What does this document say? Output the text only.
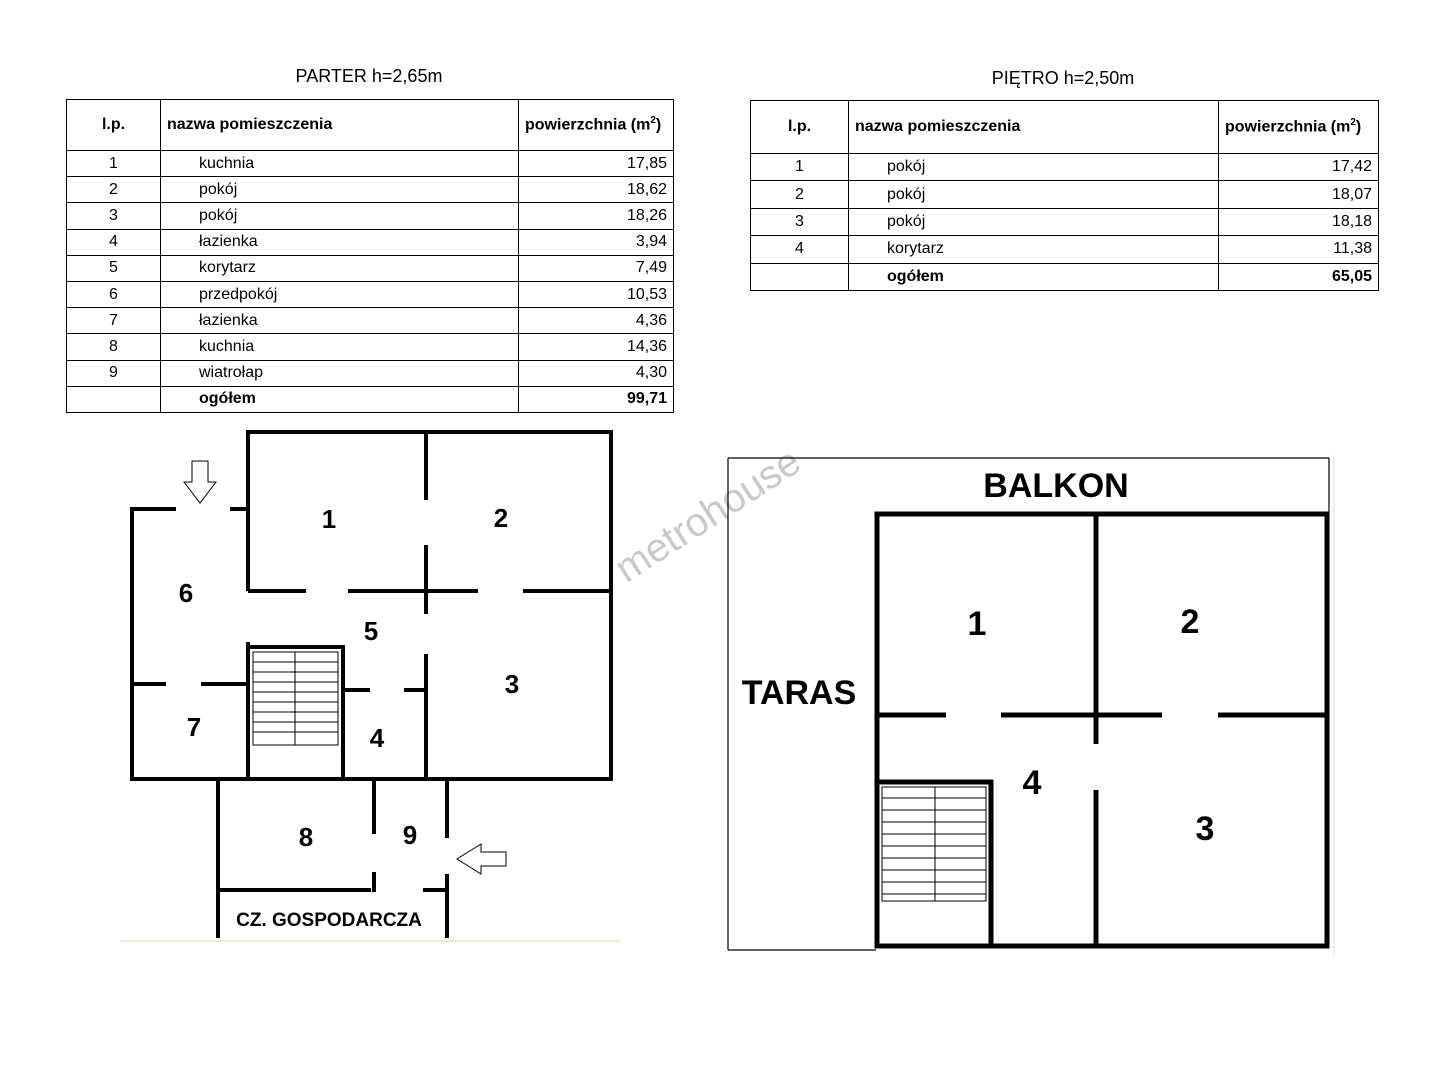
PARTER h=2,65m	PIĘTRO h=2,50m
l.p.	nazwa pomieszczenia	powierzchnia $(m^2)$
1	kuchnia	17,85
2	pokój	18,62
3	pokój	18,26
4	łazienka	3,94
5	korytarz	7,49
6	przedpokój	10,53
7	łazienka	4,36
8	kuchnia	14,36
9	wiatrołap	4,30
	ogółem	99,71
l.p.	nazwa pomieszczenia	powierzchnia $(m^2)$
1	pokój	17,42
2	pokój	18,07
3	pokój	18,18
4	korytarz	11,38
	ogółem	65,05
metrohouse
1	2
3
4
5
6
7
8	9
CZ. GOSPODARCZA
BALKON
TARAS
1	2
3
4
